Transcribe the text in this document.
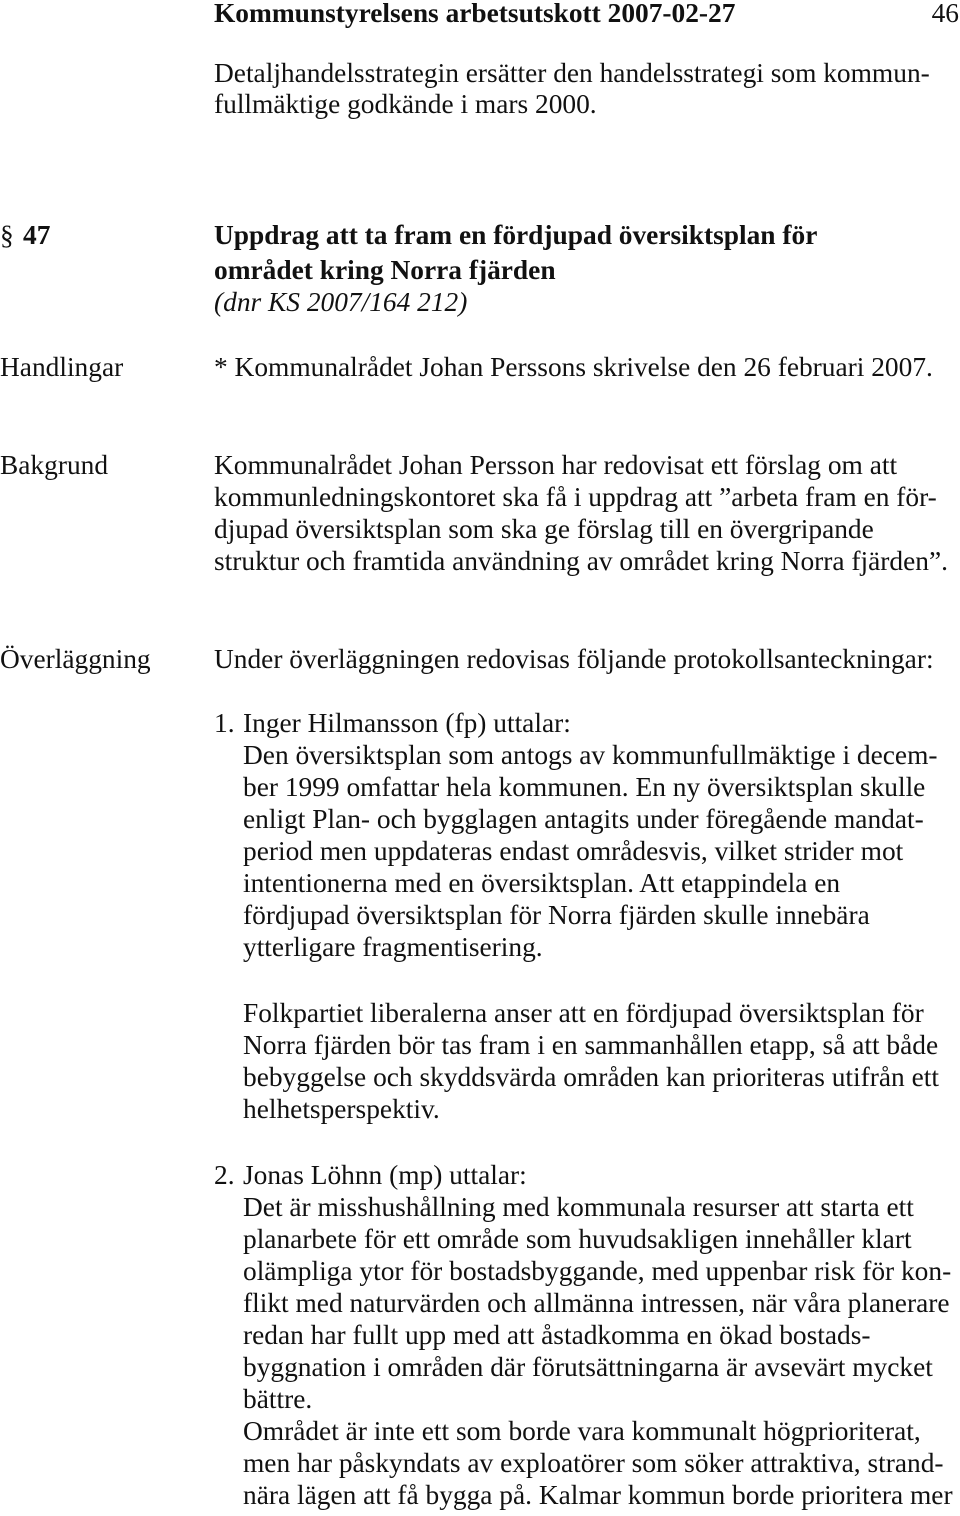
Kommunstyrelsens arbetsutskott 2007-02-27	46
Detaljhandelsstrategin ersätter den handelsstrategi som kommun-
fullmäktige godkände i mars 2000.
§ 47	Uppdrag att ta fram en fördjupad översiktsplan för
området kring Norra fjärden
(dnr KS 2007/164 212)
Handlingar	* Kommunalrådet Johan Perssons skrivelse den 26 februari 2007.
Bakgrund	Kommunalrådet Johan Persson har redovisat ett förslag om att
kommunledningskontoret ska få i uppdrag att ”arbeta fram en för-
djupad översiktsplan som ska ge förslag till en övergripande
struktur och framtida användning av området kring Norra fjärden”.
Överläggning Under överläggningen redovisas följande protokollsanteckningar:
1. Inger Hilmansson (fp) uttalar:
Den översiktsplan som antogs av kommunfullmäktige i decem-
ber 1999 omfattar hela kommunen. En ny översiktsplan skulle
enligt Plan- och bygglagen antagits under föregående mandat-
period men uppdateras endast områdesvis, vilket strider mot
intentionerna med en översiktsplan. Att etappindela en
fördjupad översiktsplan för Norra fjärden skulle innebära
ytterligare fragmentisering.
Folkpartiet liberalerna anser att en fördjupad översiktsplan för
Norra fjärden bör tas fram i en sammanhållen etapp, så att både
bebyggelse och skyddsvärda områden kan prioriteras utifrån ett
helhetsperspektiv.
2. Jonas Löhnn (mp) uttalar:
Det är misshushållning med kommunala resurser att starta ett
planarbete för ett område som huvudsakligen innehåller klart
olämpliga ytor för bostadsbyggande, med uppenbar risk för kon-
flikt med naturvärden och allmänna intressen, när våra planerare
redan har fullt upp med att åstadkomma en ökad bostads-
byggnation i områden där förutsättningarna är avsevärt mycket
bättre.
Området är inte ett som borde vara kommunalt högprioriterat,
men har påskyndats av exploatörer som söker attraktiva, strand-
nära lägen att få bygga på. Kalmar kommun borde prioritera mer
